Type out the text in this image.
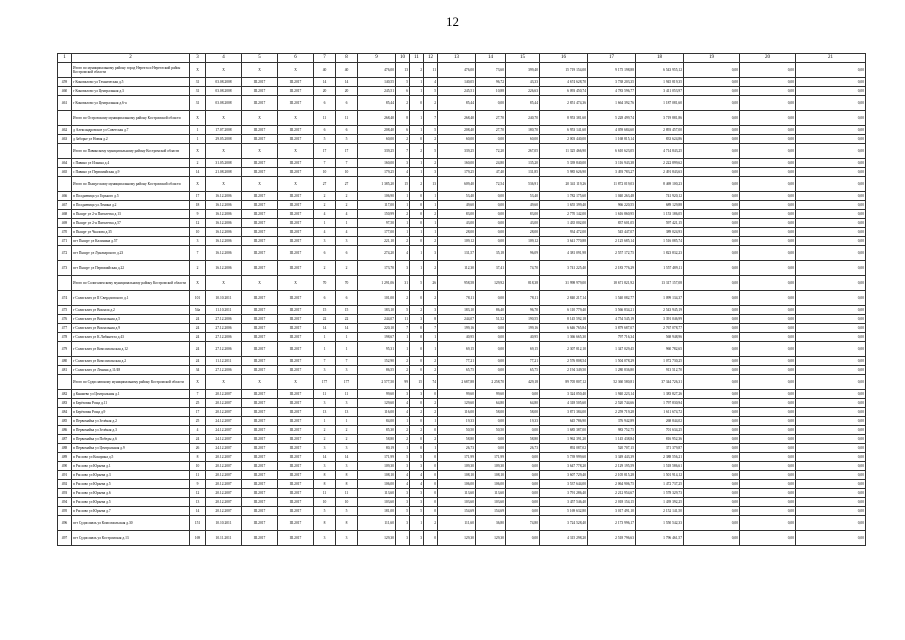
12
1	2	3	4	5	6	7	8	9	10	11	12	13	14	15	16	17	18	19	20	21
	Итого по муниципальному району город Нерехта и Нерехтский район Костромской области	X	X	X	X	40	40	476,00	13	2	11	476,00	73,60	399,40	15 719 154,00	9 175 198,88	6 543 955,12	0,00	0,00	0,00
459	г Коновалово ул Техническая д.5	31	03.08.2008	III.2017	III.2017	14	14	140,55	5	1	4	140,05	96,72	43,33	4 674 628,70	3 738 203,35	1 945 819,35	0,00	0,00	0,00
460	г Коновалово ул Центральная д.3	31	03.08.2008	III.2017	III.2017	20	20	245,51	6	1	5	245,51	10,88	226,63	6 093 450,74	4 783 596,77	3 411 053,97	0,00	0,00	0,00
461	г Коновалово ул Центральная д.6-а	31	03.08.2008	III.2017	III.2017	6	6	85,44	2	0	2	85,44	0,00	85,44	2 851 474,36	1 664 392,76	1 187 081,60	0,00	0,00	0,00
	Итого по Островскому муниципальному району Костромской области	X	X	X	X	11	11	268,40	8	1	7	268,40	27,70	240,70	8 953 381,60	5 228 499,74	3 719 881,86	0,00	0,00	0,00
462	д Александровское ул Советская д.7	1	17.07.2008	III.2017	III.2017	6	6	208,40	6	1	5	208,40	27,70	180,70	6 953 141,60	4 059 684,60	2 893 457,00	0,00	0,00	0,00
463	д Заборье ул Новая д.2	1	29.05.2008	III.2017	III.2017	5	5	60,00	2	0	2	60,00	0,00	60,00	2 003 440,00	1 168 815,14	833 624,86	0,00	0,00	0,00
	Итого по Павинскому муниципальному району Костромской области	X	X	X	X	17	17	339,25	7	2	5	339,25	72,20	267,05	11 325 466,90	6 610 623,05	4 714 843,25	0,00	0,00	0,00
464	с Павино ул Ильина д.4	2	31.05.2008	III.2017	III.2017	7	7	160,00	3	1	2	160,00	24,80	135,20	5 339 840,00	3 116 943,38	2 222 899,62	0,00	0,00	0,00
465	с Павино ул Первомайская д.9	14	21.08.2008	III.2017	III.2017	10	10	179,25	4	1	3	179,25	47,40	131,85	5 985 626,90	3 493 783,27	2 491 843,63	0,00	0,00	0,00
	Итого по Пыщугскому муниципальному району Костромской области	X	X	X	X	27	27	1 385,20	15	2	13	609,40	72,54	536,91	20 341 119,26	11 872 019,03	8 469 100,23	0,00	0,00	0,00
466	п Полдневица ул Горького д.5	17	16.12.2006	III.2017	III.2017	2	2	106,90	1	0	1	53,40	0,00	53,40	1 782 175,60	1 040 263,48	741 920,12	0,00	0,00	0,00
467	п Полдневица ул Ленина д.2	18	16.12.2006	III.2017	III.2017	2	2	117,00	1	0	1	49,60	0,00	49,60	1 655 399,40	966 220,55	689 129,88	0,00	0,00	0,00
468	п Пыщуг ул 2-я Пятилетка д.13	9	16.12.2006	III.2017	III.2017	4	4	150,99	2	0	2	83,00	0,00	83,00	2 770 142,00	1 616 860,95	1 153 186,05	0,00	0,00	0,00
469	п Пыщуг ул 2-я Пятилетка д.57	12	16.12.2006	III.2017	III.2017	1	1	97,50	1	0	1	43,00	0,00	43,00	1 435 002,00	837 601,05	597 421,15	0,00	0,00	0,00
470	п Пыщуг ул Чкалова д.35	10	16.12.2006	III.2017	III.2017	4	4	177,00	1	1	1	28,00	0,00	28,00	934 472,00	545 447,07	389 024,93	0,00	0,00	0,00
471	пгт Пыщуг ул Калинина д.57	3	16.12.2006	III.2017	III.2017	3	3	221,10	2	0	2	109,12	0,00	109,12	3 641 770,88	2 125 685,14	1 516 085,74	0,00	0,00	0,00
472	пгт Пыщуг ул Луначарского д.23	7	16.12.2006	III.2017	III.2017	6	6	274,20	4	1	3	131,57	35,18	96,09	4 381 091,98	2 557 172,75	1 823 832,23	0,00	0,00	0,00
473	пгт Пыщуг ул Первомайская д.22	2	16.12.2006	III.2017	III.2017	2	2	173,70	3	1	2	112,30	37,41	74,70	3 741 225,40	2 183 776,29	1 557 489,11	0,00	0,00	0,00
	Итого по Солигаличскому муниципальному району Костромской области	X	X	X	X	70	70	1 291,06	31	5	26	958,58	129,92	818,38	31 998 979,00	18 671 821,92	13 317 157,08	0,00	0,00	0,00
474	г Солигалич ул II Свердловского д.1	101	10.10.2011	III.2017	III.2017	6	6	101,00	2	0	2	78,11	0,00	78,11	2 840 217,14	1 540 082,77	1 099 134,37	0,00	0,00	0,00
475	г Солигалич ул Вокзала д.2	54а	11.10.2011	III.2017	III.2017	15	15	183,10	5	2	3	183,10	86,40	96,70	6 110 779,40	3 566 834,21	2 543 945,19	0,00	0,00	0,00
476	г Солигалич ул Вокзальная д.5	24	27.12.2006	III.2017	III.2017	22	22	244,07	11	3	8	244,07	51,52	190,55	8 145 592,18	4 754 545,19	3 391 046,99	0,00	0,00	0,00
477	г Солигалич ул Вокзальная д.9	24	27.12.2006	III.2017	III.2017	14	14	220,10	7	0	7	199,16	0,00	199,16	6 646 765,84	3 879 687,07	2 767 078,77	0,00	0,00	0,00
478	г Солигалич ул К.Либкнехта д.43	24	27.12.2006	III.2017	III.2017	1	1	198,67	1	0	1	40,95	0,00	40,95	1 366 665,30	797 716,34	568 948,96	0,00	0,00	0,00
479	г Солигалич ул Комсомольская д.12	24	27.12.2006	III.2017	III.2017	1	1	95,31	1	0	1	69,15	0,00	69,15	2 307 812,10	1 347 029,45	960 782,65	0,00	0,00	0,00
480	г Солигалич ул Комсомольская д.2	24	11.12.2011	III.2017	III.2017	7	7	152,90	2	0	2	77,21	0,00	77,21	2 576 808,54	1 504 078,29	1 072 730,25	0,00	0,00	0,00
481	г Солигалич ул Ленина д.11/48	34	27.12.2006	III.2017	III.2017	3	3	86,55	2	0	2	65,75	0,00	65,75	2 194 349,50	1 280 836,80	913 512,70	0,00	0,00	0,00
	Итого по Судиславскому муниципальному району Костромской области	X	X	X	X	177	177	2 577,50	99	15	74	2 687,88	2 258,70	429,18	89 705 807,12	52 360 580,81	37 344 726,31	0,00	0,00	0,00
482	д Княжево ул Центральная д.1	7	20.12.2007	III.2017	III.2017	11	11	99,60	3	3	0	99,60	99,60	0,00	3 324 050,40	1 940 223,14	1 383 827,26	0,00	0,00	0,00
483	п Берёзовая Роща д.11	25	20.12.2007	III.2017	III.2017	3	3	129,60	4	0	2	129,60	64,80	64,80	4 318 505,60	2 520 744,66	1 797 830,94	0,00	0,00	0,00
484	п Берёзовая Роща д.9	17	20.12.2007	III.2017	III.2017	13	13	116,00	4	2	2	116,00	58,00	58,00	3 871 384,00	2 259 719,28	1 611 674,72	0,00	0,00	0,00
485	п Первомайка ул Зелёная д.2	25	24.12.2007	III.2017	III.2017	1	1	84,00	1	0	1	19,33	0,00	19,33	645 786,90	376 942,89	268 844,02	0,00	0,00	0,00
486	п Первомайка ул Зелёная д.3	4	24.12.2007	III.2017	III.2017	2	2	85,30	2	2	0	50,50	50,50	0,00	1 685 387,00	983 752,75	701 634,25	0,00	0,00	0,00
487	п Первомайка ул Победы д.6	24	24.12.2007	III.2017	III.2017	2	2	58,80	2	0	2	58,80	0,00	58,80	1 962 391,20	1 145 438,84	816 952,36	0,00	0,00	0,00
488	п Первомайка ул Центральная д.9	26	24.12.2007	III.2017	III.2017	3	3	80,19	1	0	1	26,73	0,00	26,73	892 087,02	520 707,15	371 379,87	0,00	0,00	0,00
489	п Раслово ул Кокорина д.5	8	20.12.2007	III.2017	III.2017	14	14	171,99	5	5	0	171,99	171,99	0,00	5 739 999,60	3 349 443,39	2 388 556,21	0,00	0,00	0,00
490	п Раслово ул Юрьева д.1	10	20.12.2007	III.2017	III.2017	3	3	109,30	3	3	0	109,30	109,30	0,00	3 647 778,20	2 129 195,59	1 518 586,61	0,00	0,00	0,00
491	п Раслово ул Юрьева д.3	11	20.12.2007	III.2017	III.2017	8	8	108,10	4	4	0	108,10	108,10	0,00	3 607 729,40	2 105 815,28	1 501 914,12	0,00	0,00	0,00
492	п Раслово ул Юрьева д.5	9	20.12.2007	III.2017	III.2017	8	8	106,00	4	4	0	106,00	106,00	0,00	3 537 644,00	2 064 906,75	1 472 737,25	0,00	0,00	0,00
493	п Раслово ул Юрьева д.6	12	20.12.2007	III.2017	III.2017	11	11	113,60	3	3	0	113,60	113,60	0,00	3 791 286,40	2 212 954,67	1 578 329,73	0,00	0,00	0,00
494	п Раслово ул Юрьева д.5	13	20.12.2007	III.2017	III.2017	10	10	103,60	3	3	0	103,60	103,60	0,00	3 457 546,40	2 018 154,15	1 439 392,25	0,00	0,00	0,00
495	п Раслово ул Юрьева д.7	14	20.12.2007	III.2017	III.2017	5	5	181,00	5	5	0	154,69	154,69	0,00	5 169 632,80	3 017 491,10	2 152 141,50	0,00	0,00	0,00
496	пгт Судиславль ул Комсомольская д.30	151	10.10.2011	III.2017	III.2017	8	8	111,60	3	1	2	111,60	36,80	74,80	3 724 528,40	2 173 996,17	1 550 542,33	0,00	0,00	0,00
497	пгт Судиславль ул Костромская д.13	169	10.11.2011	III.2017	III.2017	3	3	129,30	3	3	0	129,30	129,30	0,00	4 315 298,20	2 518 796,63	1 796 461,57	0,00	0,00	0,00
